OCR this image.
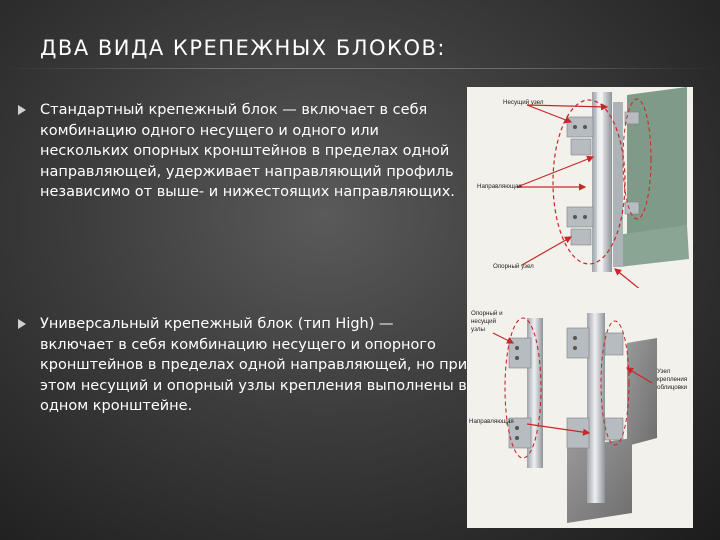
ДВА ВИДА КРЕПЕЖНЫХ БЛОКОВ:
Стандартный крепежный блок — включает в себя комбинацию одного несущего и одного или нескольких опорных кронштейнов в пределах одной направляющей, удерживает направляющий профиль независимо от выше- и нижестоящих направляющих.
Универсальный крепежный блок (тип High) — включает в себя комбинацию несущего и опорного кронштейнов в пределах одной направляющей, но при этом несущий и опорный узлы крепления выполнены в одном кронштейне.
Несущий узел
Направляющая
Опорный узел
Опорный и
несущий
узлы
Направляющая
Узел
крепления
облицовки
